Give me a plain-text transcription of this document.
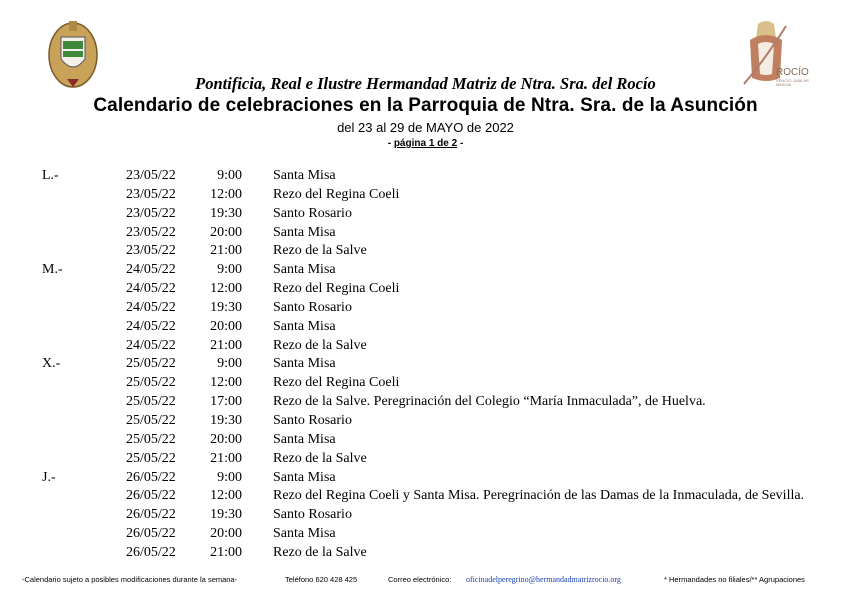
ROCÍO
VENCIÓ JUBILAR MMXXIII
Pontificia, Real e Ilustre Hermandad Matriz de Ntra. Sra. del Rocío
Calendario de celebraciones en la Parroquia de Ntra. Sra. de la Asunción
del 23 al 29 de MAYO de 2022
- página 1 de 2 -
L.-	23/05/22	9:00 Santa Misa
23/05/22	12:00 Rezo del Regina Coeli
23/05/22	19:30 Santo Rosario
23/05/22	20:00 Santa Misa
23/05/22	21:00 Rezo de la Salve
M.-	24/05/22	9:00 Santa Misa
24/05/22	12:00 Rezo del Regina Coeli
24/05/22	19:30 Santo Rosario
24/05/22	20:00 Santa Misa
24/05/22	21:00 Rezo de la Salve
X.-	25/05/22	9:00 Santa Misa
25/05/22	12:00 Rezo del Regina Coeli
25/05/22	17:00 Rezo de la Salve. Peregrinación del Colegio “María Inmaculada”, de Huelva.
25/05/22	19:30 Santo Rosario
25/05/22	20:00 Santa Misa
25/05/22	21:00 Rezo de la Salve
J.-	26/05/22	9:00 Santa Misa
26/05/22	12:00 Rezo del Regina Coeli y Santa Misa. Peregrinación de las Damas de la Inmaculada, de Sevilla.
26/05/22	19:30 Santo Rosario
26/05/22	20:00 Santa Misa
26/05/22	21:00 Rezo de la Salve
-Calendario sujeto a posibles modificaciones durante la semana-	Teléfono 620 428 425	Correo electrónico: oficinadelperegrino@hermandadmatrizrocio.org	* Hermandades no filiales/** Agrupaciones
